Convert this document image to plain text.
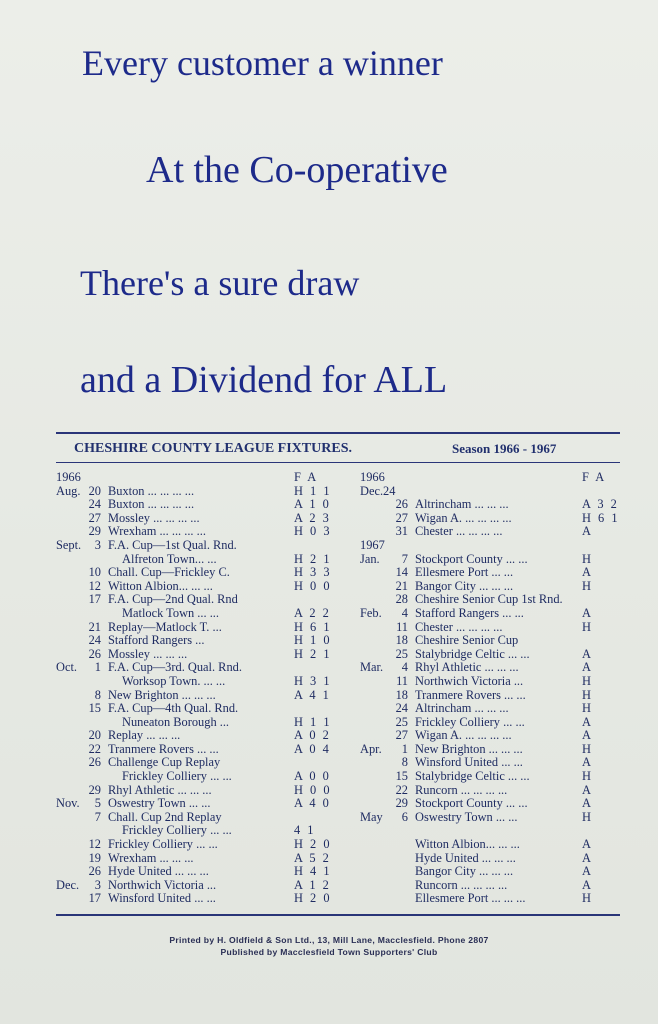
Every customer a winner
At the Co-operative
There's a sure draw
and a Dividend for ALL
CHESHIRE COUNTY LEAGUE FIXTURES.	Season 1966 - 1967
1966	F A
Aug. 20 Buxton ... ... ... ...	H 1 1
24 Buxton ... ... ... ...	A 1 0
27 Mossley ... ... ... ...	A 2 3
29 Wrexham ... ... ... ...	H 0 3
Sept.	3 F.A. Cup—1st Qual. Rnd.
Alfreton Town... ...	H 2 1
10 Chall. Cup—Frickley C.	H 3 3
12 Witton Albion... ... ...	H 0 0
17 F.A. Cup—2nd Qual. Rnd
Matlock Town ... ...	A 2 2
21 Replay—Matlock T. ...	H 6 1
24 Stafford Rangers ...	H 1 0
26 Mossley ... ... ...	H 2 1
Oct.	1 F.A. Cup—3rd. Qual. Rnd.
Worksop Town. ... ...	H 3 1
8 New Brighton ... ... ...	A 4 1
15 F.A. Cup—4th Qual. Rnd.
Nuneaton Borough ...	H 1 1
20 Replay ... ... ...	A 0 2
22 Tranmere Rovers ... ...	A 0 4
26 Challenge Cup Replay
Frickley Colliery ... ...	A 0 0
29 Rhyl Athletic ... ... ...	H 0 0
Nov.	5 Oswestry Town ... ...	A 4 0
7 Chall. Cup 2nd Replay
Frickley Colliery ... ...	4 1
12 Frickley Colliery ... ...	H 2 0
19 Wrexham ... ... ...	A 5 2
26 Hyde United ... ... ...	H 4 1
Dec.	3 Northwich Victoria ...	A 1 2
17 Winsford United ... ...	H 2 0
1966	F A
Dec.24
26 Altrincham ... ... ...	A 3 2
27 Wigan A. ... ... ... ...	H 6 1
31 Chester ... ... ... ...	A
1967
Jan.	7 Stockport County ... ...	H
14 Ellesmere Port ... ...	A
21 Bangor City ... ... ...	H
28 Cheshire Senior Cup 1st Rnd.
Feb.	4 Stafford Rangers ... ...	A
11 Chester ... ... ... ...	H
18 Cheshire Senior Cup
25 Stalybridge Celtic ... ...	A
Mar.	4 Rhyl Athletic ... ... ...	A
11 Northwich Victoria ...	H
18 Tranmere Rovers ... ...	H
24 Altrincham ... ... ...	H
25 Frickley Colliery ... ...	A
27 Wigan A. ... ... ... ...	A
Apr.	1 New Brighton ... ... ...	H
8 Winsford United ... ...	A
15 Stalybridge Celtic ... ...	H
22 Runcorn ... ... ... ...	A
29 Stockport County ... ...	A
May	6 Oswestry Town ... ...	H
Witton Albion... ... ...	A
Hyde United ... ... ...	A
Bangor City ... ... ...	A
Runcorn ... ... ... ...	A
Ellesmere Port ... ... ...	H
Printed by H. Oldfield & Son Ltd., 13, Mill Lane, Macclesfield. Phone 2807
Published by Macclesfield Town Supporters' Club
